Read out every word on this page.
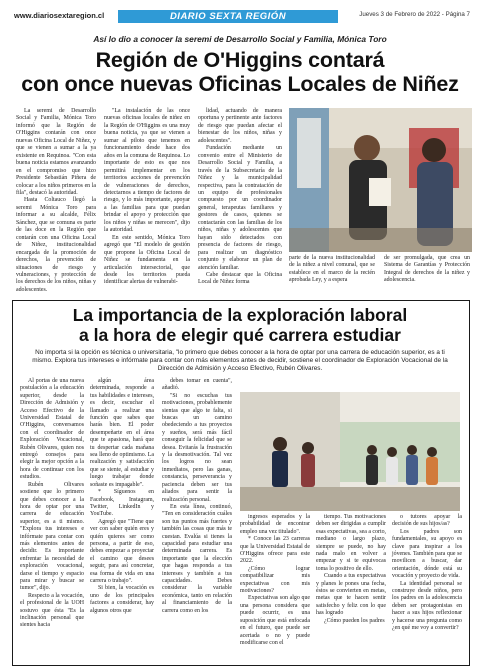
www.diariosextaregion.cl	DIARIO SEXTA REGIÓN	Jueves 3 de Febrero de 2022 - Página 7
Así lo dio a conocer la seremi de Desarrollo Social y Familia, Mónica Toro
Región de O'Higgins contará
con once nuevas Oficinas Locales de Niñez

La seremi de Desarrollo Social y Familia, Mónica Toro informó que la Región de O'Higgins contarán con once nuevas Oficina Local de Niñez, y que se vienen a sumar a la ya existente en Requinoa. "Con esta buena noticia estamos avanzando en el compromiso que hizo Presidente Sebastián Piñera de colocar a los niños primeros en la fila", destacó la autoridad.

Hasta Coltauco llegó la seremi Mónica Toro para informar a su alcalde, Félix Sánchez, que se comuna es parte de las doce en la Región que contarán con una Oficina Local de Niñez, institucionalidad encargada de la promoción de derechos, la prevención de situaciones de riesgo y vulneraciones, y protección de los derechos de los niños, niñas y adolescentes.

"La instalación de las once nuevas oficinas locales de niñez en la Región de O'Higgins es una muy buena noticia, ya que se vienen a sumar al piloto que tenemos en funcionamiento desde hace dos años en la comuna de Requinoa. Lo importante de esto es que nos permitirá implementar en los territorios acciones de prevención de vulneraciones de derechos, detectarnos a tiempo de factores de riesgo, y lo más importante, apoyar a las familias para que puedan brindar el apoyo y protección que los niños y niñas se merecen", dijo la autoridad.

En este sentido, Mónica Toro agregó que "El modelo de gestión que propone la Oficina Local de Niñez se fundamenta en la articulación intersectorial, que desde los territorios pueda identificar alertas de vulnerabi-

lidad, actuando de manera oportuna y pertinente ante factores de riesgo que puedan afectar el bienestar de los niños, niñas y adolescentes".

Fundación mediante un convenio entre el Ministerio de Desarrollo Social y Familia, a través de la Subsecretaría de la Niñez y la municipalidad respectiva, para la contratación de un equipo de profesionales compuesto por un coordinador general, terapeutas familiares y gestores de casos, quienes se contactarán con las familias de los niños, niñas y adolescentes que hayan sido detectados con presencia de factores de riesgo, para realizar un diagnóstico conjunto y elaborar un plan de atención familiar.

Cabe destacar que la Oficina Local de Niñez forma

parte de la nueva institucionalidad de la niñez a nivel comunal, que se establece en el marco de la recién aprobada Ley, y a espera

de ser promulgada, que crea un Sistema de Garantías y Protección Integral de derechos de la niñez y adolescencia.

La importancia de la exploración laboral
a la hora de elegir qué carrera estudiar
No importa si la opción es técnica o universitaria, "lo primero que debes conocer a la hora de optar por una carrera de educación superior, es a ti mismo. Explora tus intereses e infórmate para contar con más elementos antes de decidir, sostiene el coordinador de Exploración Vocacional de la Dirección de Admisión y Acceso Efectivo, Rubén Olivares.

Al portas de una nueva postulación a la educación superior, desde la Dirección de Admisión y Acceso Efectivo de la Universidad Estatal de O'Higgins, conversamos con el coordinador de Exploración Vocacional, Rubén Olivares, quien nos entregó consejos para elegir la mejor opción a la hora de continuar con los estudios.

Rubén Olivares sostiene que lo primero que debes conocer a la hora de optar por una carrera de educación superior, es a ti mismo. "Explora tus intereses e infórmate para contar con más elementos antes de decidir. Es importante enfrentar la necesidad de exploración vocacional, darse el tiempo y espacio para mirar y buscar se tumor", dijo.

Respecto a la vocación, el profesional de la UOH sostuvo que ésta "Es la inclinación personal que sientes hacia

algún área determinada, responde a tus habilidades e intereses, es decir, escuchar el llamado a realizar una función que sabes que harás bien. El poder desempeñarte en el área que te apasiona, hará que tu despertar cada mañana sea lleno de optimismo. La realización y satisfacción que se siente, al estudiar y luego trabajar donde soñaste es impagable".

* Síguenos en Facebook, Instagram, Twitter, LinkedIn y YouTube.

Agregó que "Tiene que ver con saber quién eres y quién quieres ser como persona, a partir de eso, debes empezar a proyectar el camino que desees seguir, para así concretar, esa forma de vida en una carrera o trabajo".

Si bien, la vocación es uno de los principales factores a considerar, hay algunos otros que

debes tomar en cuenta", añadió.

"Si no escuchas tus motivaciones, probablemente sientas que algo te falta, si buscas un camino obedeciendo a tus proyectos y sueños, será más fácil conseguir la felicidad que se desea. Evitarás la frustración y la desmotivación. Tal vez los logros no sean inmediatos, pero las ganas, constancia, perseverancia y paciencia deben ser tus aliados para sentir la realización personal.

En esta línea, continuó, "Ten en consideración cuáles son tus puntos más fuertes y también las cosas que más te cuestan. Evalúa si tienes la capacidad para estudiar una determinada carrera. Es importante que la elección que hagas responda a tus intereses y también a tus capacidades. Debes considerar la variable económica, tanto en relación al financiamiento de la carrera como en los

ingresos esperados y la probabilidad de encontrar empleo una vez titulado".

* Conoce las 23 carreras que la Universidad Estatal de O'Higgins ofrece para este 2022.

¿Cómo lograr compatibilizar mis expectativas con mis motivaciones?

Expectativas son algo que una persona considera que puede ocurrir, es una suposición que está enfocada en el futuro, que puede ser acertada o no y puede modificarse con el

tiempo. Tus motivaciones deben ser dirigidas a cumplir esas expectativas, sea a corto, mediano o largo plazo, siempre se puede, no hay nada malo en volver a empezar y si te equivocas toma lo positivo de ello.

Cuando a tus expectativas y planes le pones una fecha, éstos se convierten en metas, metas que te hacen sentir satisfecho y feliz con lo que has logrado

¿Cómo pueden los padres

o tutores apoyar la decisión de sus hijos/as?

Los padres son fundamentales, su apoyo es clave para inspirar a los jóvenes. También para que se movilicen a buscar, dar orientación, dónde está su vocación y proyecto de vida.

La identidad personal se construye desde niños, pero los padres en la adolescencia deben ser protagonistas en hacer a sus hijos reflexionar y hacerse una pregunta como ¿en qué me voy a convertir?
